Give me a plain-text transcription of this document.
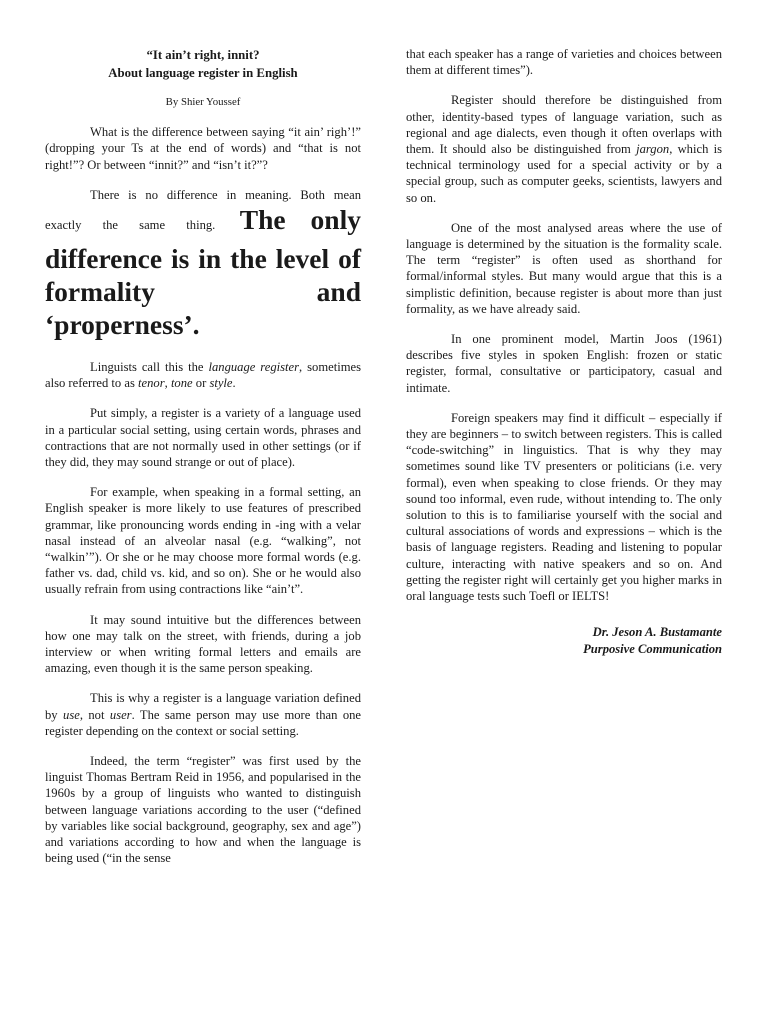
“It ain’t right, innit?
About language register in English
By Shier Youssef

What is the difference between saying “it ain’ righ’!” (dropping your Ts at the end of words) and “that is not right!”? Or between “innit?” and “isn’t it?”?

There is no difference in meaning. Both mean

exactly the same thing. The only
difference is in the level of
formality and
‘properness’.

Linguists call this the language register, sometimes also referred to as tenor, tone or style.

Put simply, a register is a variety of a language used in a particular social setting, using certain words, phrases and contractions that are not normally used in other settings (or if they did, they may sound strange or out of place).

For example, when speaking in a formal setting, an English speaker is more likely to use features of prescribed grammar, like pronouncing words ending in -ing with a velar nasal instead of an alveolar nasal (e.g. “walking”, not “walkin’”). Or she or he may choose more formal words (e.g. father vs. dad, child vs. kid, and so on). She or he would also usually refrain from using contractions like “ain’t”.

It may sound intuitive but the differences between how one may talk on the street, with friends, during a job interview or when writing formal letters and emails are amazing, even though it is the same person speaking.

This is why a register is a language variation defined by use, not user. The same person may use more than one register depending on the context or social setting.

Indeed, the term “register” was first used by the linguist Thomas Bertram Reid in 1956, and popularised in the 1960s by a group of linguists who wanted to distinguish between language variations according to the user (“defined by variables like social background, geography, sex and age”) and variations according to how and when the language is being used (“in the sense

that each speaker has a range of varieties and choices between them at different times”).

Register should therefore be distinguished from other, identity-based types of language variation, such as regional and age dialects, even though it often overlaps with them. It should also be distinguished from jargon, which is technical terminology used for a special activity or by a special group, such as computer geeks, scientists, lawyers and so on.

One of the most analysed areas where the use of language is determined by the situation is the formality scale. The term “register” is often used as shorthand for formal/informal styles. But many would argue that this is a simplistic definition, because register is about more than just formality, as we have already said.

In one prominent model, Martin Joos (1961) describes five styles in spoken English: frozen or static register, formal, consultative or participatory, casual and intimate.

Foreign speakers may find it difficult – especially if they are beginners – to switch between registers. This is called “code-switching” in linguistics. That is why they may sometimes sound like TV presenters or politicians (i.e. very formal), even when speaking to close friends. Or they may sound too informal, even rude, without intending to. The only solution to this is to familiarise yourself with the social and cultural associations of words and expressions – which is the basis of language registers. Reading and listening to popular culture, interacting with native speakers and so on. And getting the register right will certainly get you higher marks in oral language tests such Toefl or IELTS!

Dr. Jeson A. Bustamante
Purposive Communication
